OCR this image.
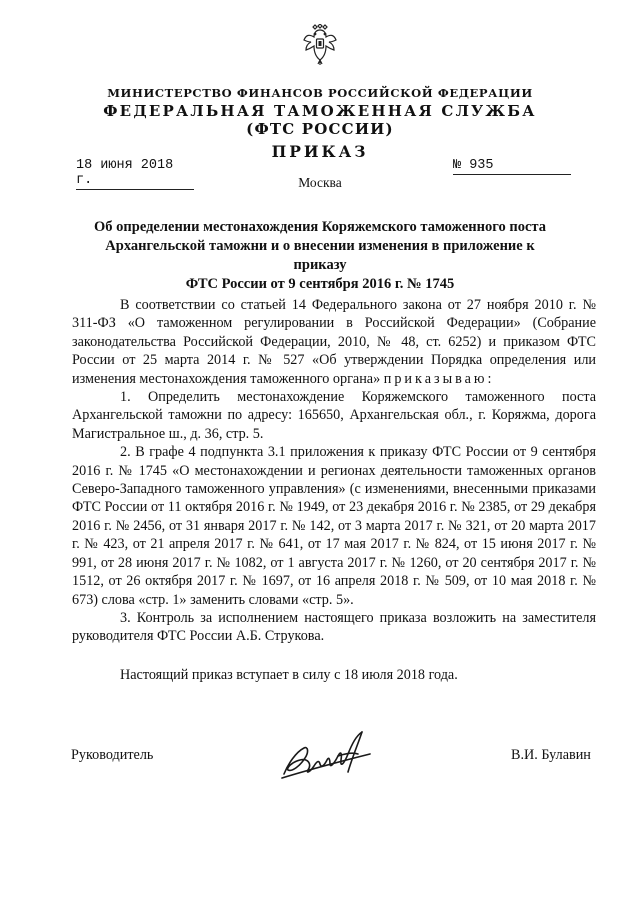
МИНИСТЕРСТВО ФИНАНСОВ РОССИЙСКОЙ ФЕДЕРАЦИИ
ФЕДЕРАЛЬНАЯ ТАМОЖЕННАЯ СЛУЖБА
(ФТС РОССИИ)
ПРИКАЗ
18 июня 2018 г.
№ 935
Москва
Об определении местонахождения Коряжемского таможенного поста
Архангельской таможни и о внесении изменения в приложение к приказу
ФТС России от 9 сентября 2016 г. № 1745

В соответствии со статьей 14 Федерального закона от 27 ноября 2010 г. № 311-ФЗ «О таможенном регулировании в Российской Федерации» (Собрание законодательства Российской Федерации, 2010, № 48, ст. 6252) и приказом ФТС России от 25 марта 2014 г. № 527 «Об утверждении Порядка определения или изменения местонахождения таможенного органа» приказываю:

1. Определить местонахождение Коряжемского таможенного поста Архангельской таможни по адресу: 165650, Архангельская обл., г. Коряжма, дорога Магистральное ш., д. 36, стр. 5.

2. В графе 4 подпункта 3.1 приложения к приказу ФТС России от 9 сентября 2016 г. № 1745 «О местонахождении и регионах деятельности таможенных органов Северо-Западного таможенного управления» (с изменениями, внесенными приказами ФТС России от 11 октября 2016 г. № 1949, от 23 декабря 2016 г. № 2385, от 29 декабря 2016 г. № 2456, от 31 января 2017 г. № 142, от 3 марта 2017 г. № 321, от 20 марта 2017 г. № 423, от 21 апреля 2017 г. № 641, от 17 мая 2017 г. № 824, от 15 июня 2017 г. № 991, от 28 июня 2017 г. № 1082, от 1 августа 2017 г. № 1260, от 20 сентября 2017 г. № 1512, от 26 октября 2017 г. № 1697, от 16 апреля 2018 г. № 509, от 10 мая 2018 г. № 673) слова «стр. 1» заменить словами «стр. 5».

3. Контроль за исполнением настоящего приказа возложить на заместителя руководителя ФТС России А.Б. Струкова.

Настоящий приказ вступает в силу с 18 июля 2018 года.

Руководитель	В.И. Булавин
